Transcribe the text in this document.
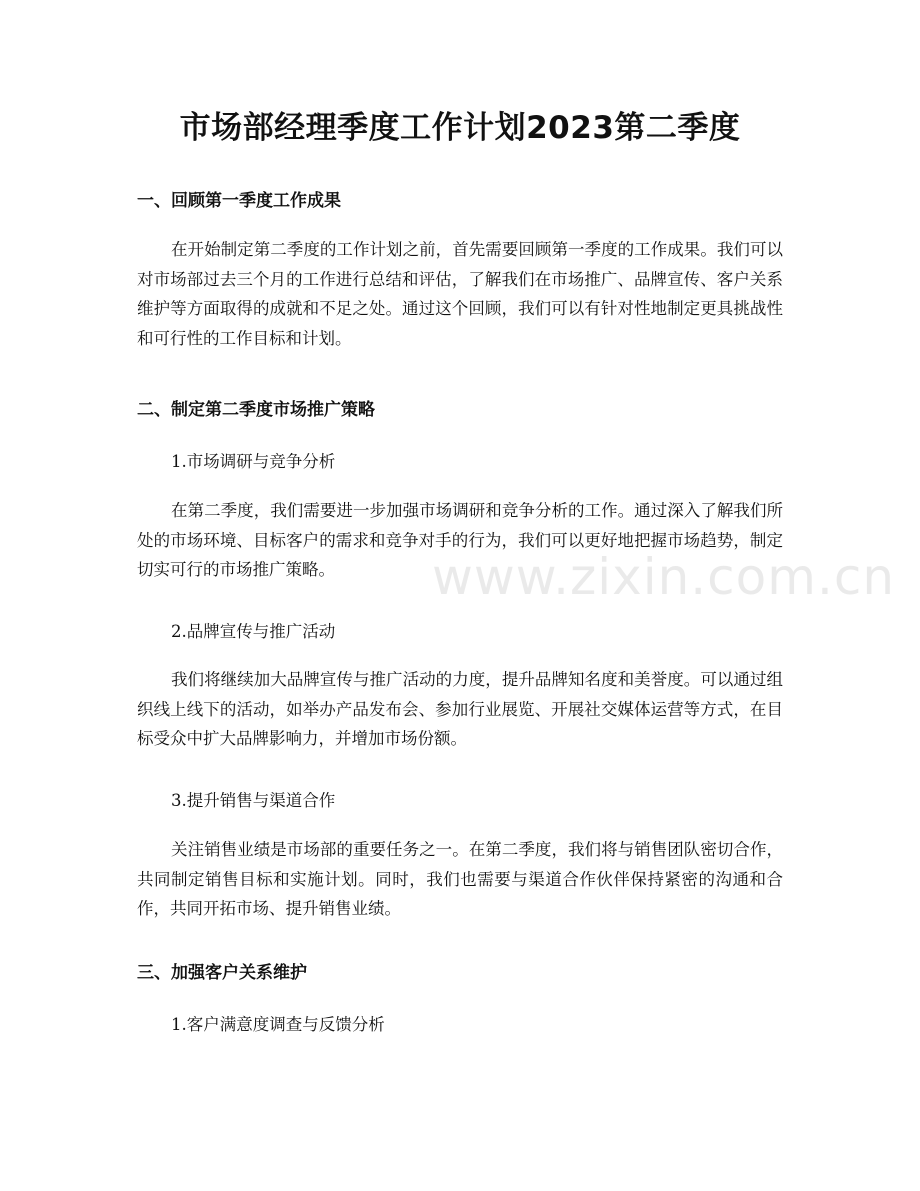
市场部经理季度工作计划2023第二季度
一、回顾第一季度工作成果

在开始制定第二季度的工作计划之前，首先需要回顾第一季度的工作成果。我们可以对市场部过去三个月的工作进行总结和评估，了解我们在市场推广、品牌宣传、客户关系维护等方面取得的成就和不足之处。通过这个回顾，我们可以有针对性地制定更具挑战性和可行性的工作目标和计划。

二、制定第二季度市场推广策略

1.市场调研与竞争分析

在第二季度，我们需要进一步加强市场调研和竞争分析的工作。通过深入了解我们所处的市场环境、目标客户的需求和竞争对手的行为，我们可以更好地把握市场趋势，制定切实可行的市场推广策略。

2.品牌宣传与推广活动

我们将继续加大品牌宣传与推广活动的力度，提升品牌知名度和美誉度。可以通过组织线上线下的活动，如举办产品发布会、参加行业展览、开展社交媒体运营等方式，在目标受众中扩大品牌影响力，并增加市场份额。

3.提升销售与渠道合作

关注销售业绩是市场部的重要任务之一。在第二季度，我们将与销售团队密切合作，共同制定销售目标和实施计划。同时，我们也需要与渠道合作伙伴保持紧密的沟通和合作，共同开拓市场、提升销售业绩。

三、加强客户关系维护

1.客户满意度调查与反馈分析

www.zixin.com.cn
